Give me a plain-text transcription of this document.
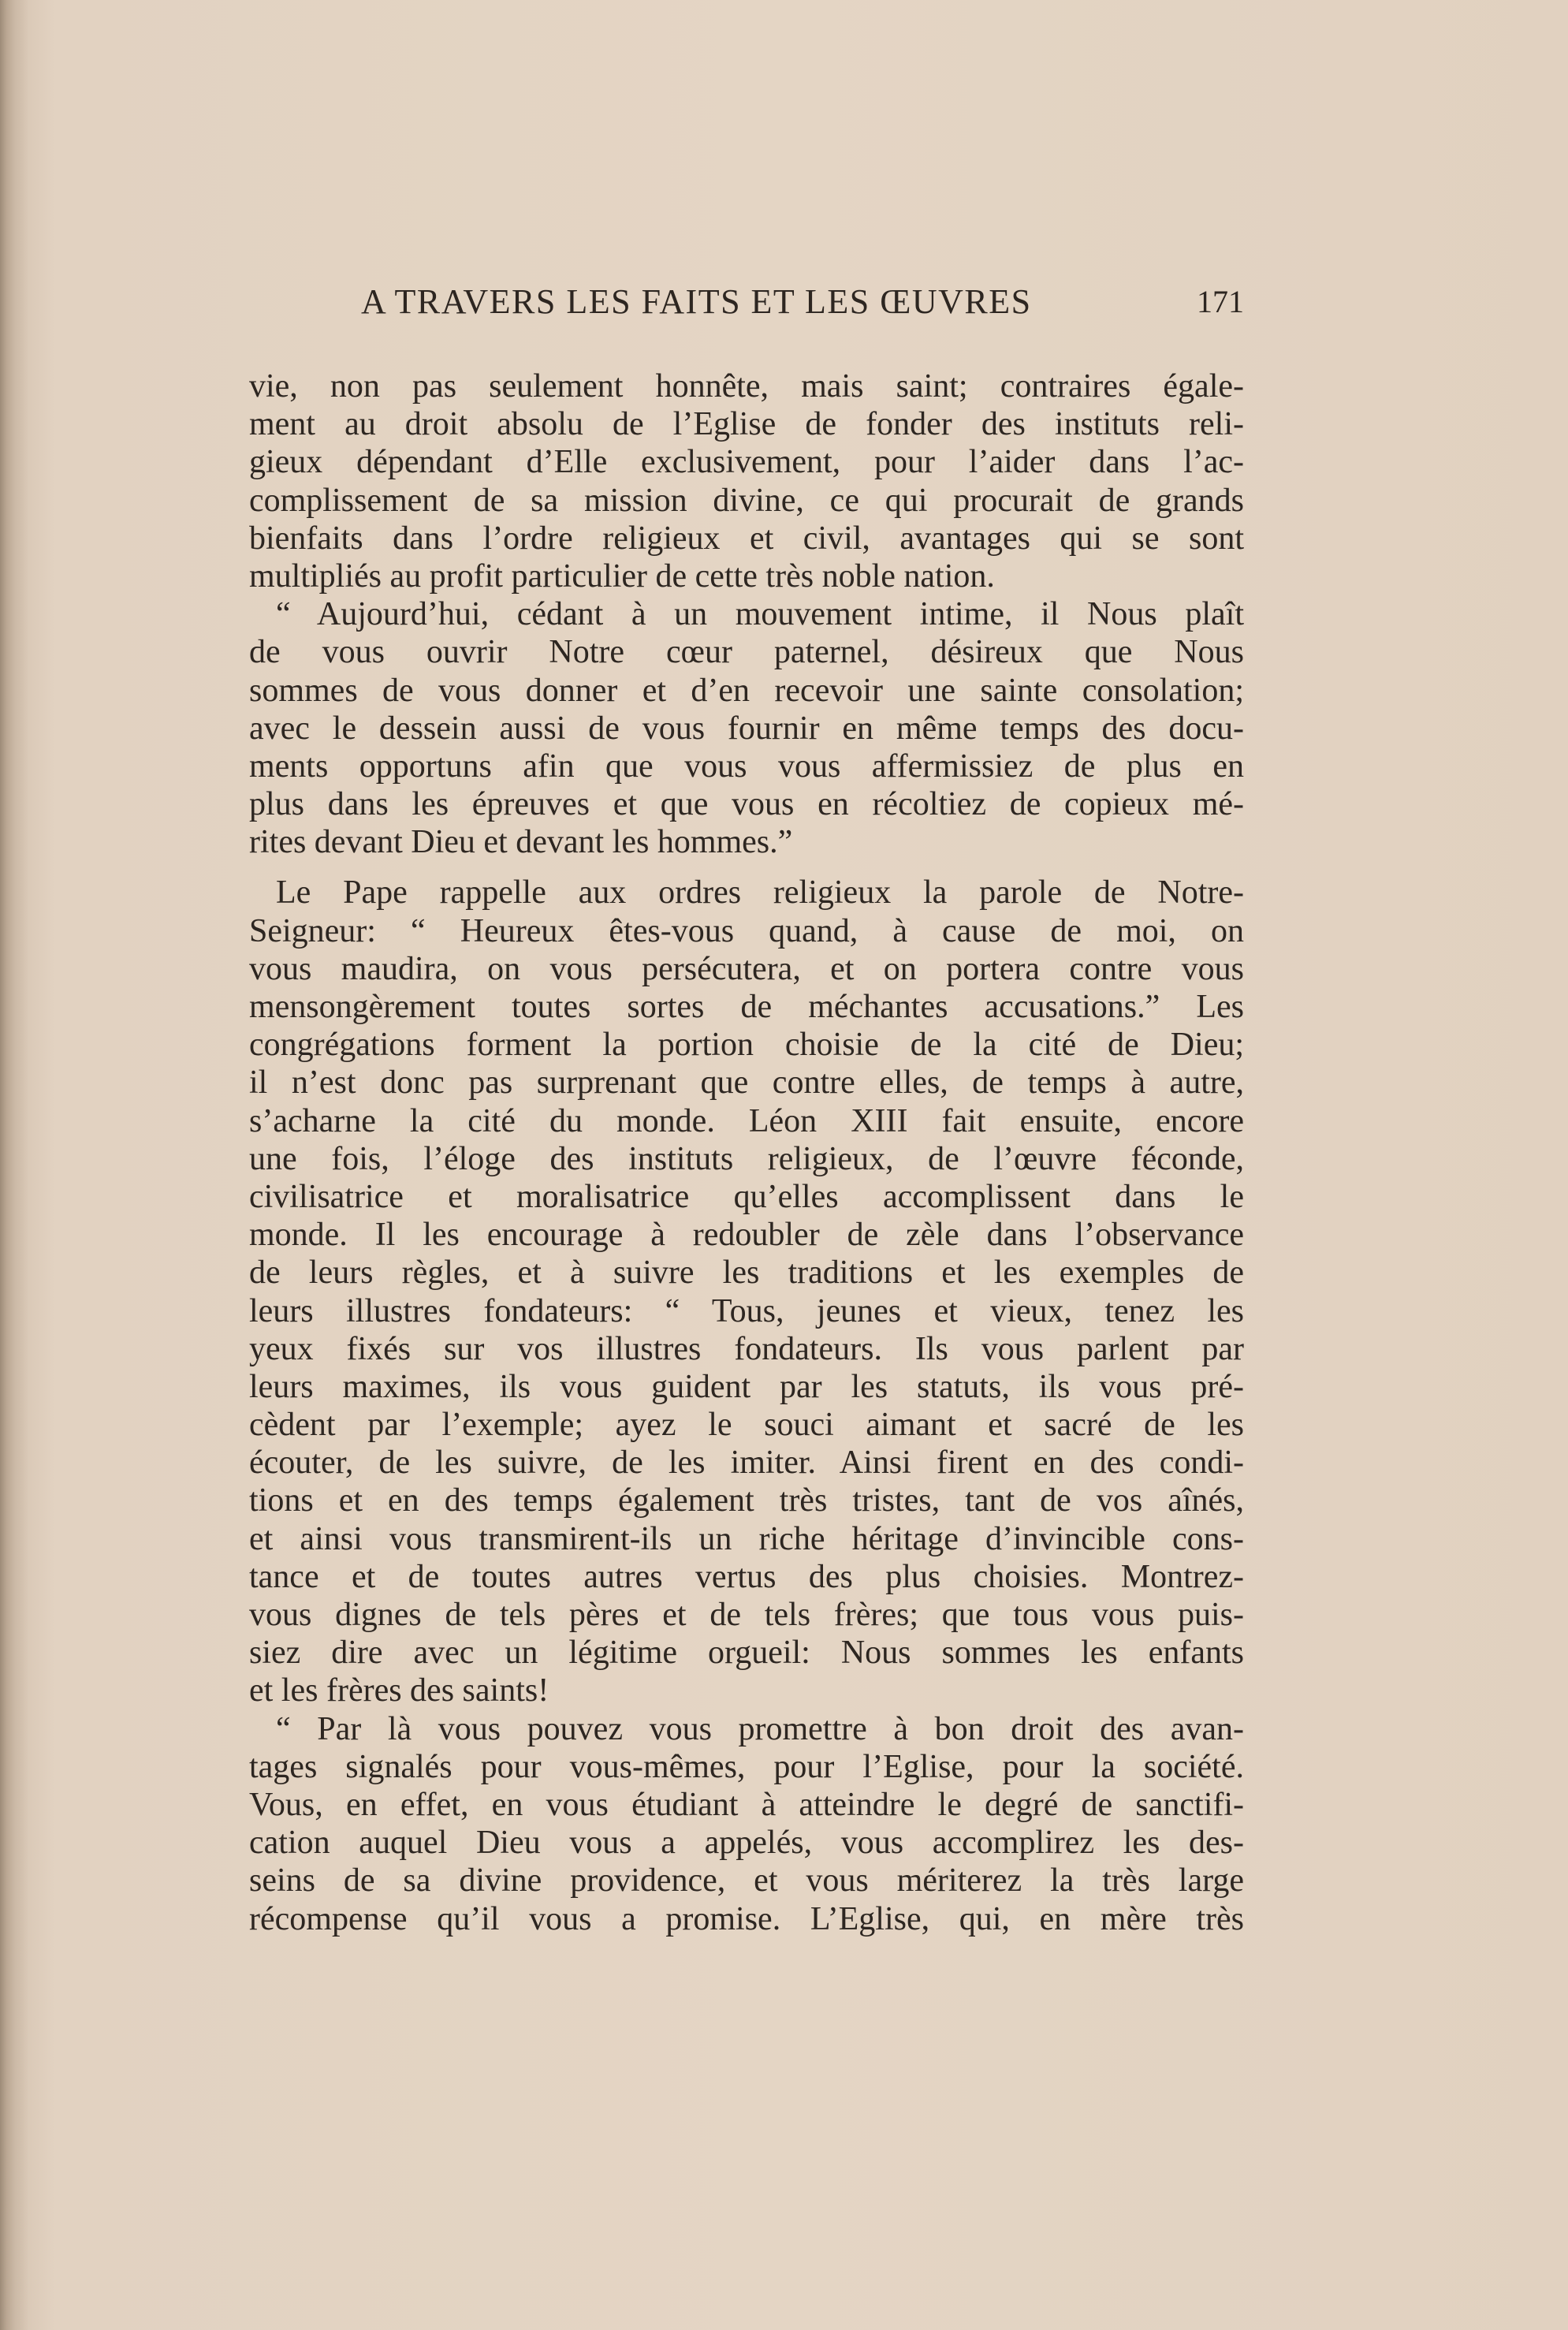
A TRAVERS LES FAITS ET LES ŒUVRES	171
vie, non pas seulement honnête, mais saint; contraires égale-
ment au droit absolu de l’Eglise de fonder des instituts reli-
gieux dépendant d’Elle exclusivement, pour l’aider dans l’ac-
complissement de sa mission divine, ce qui procurait de grands
bienfaits dans l’ordre religieux et civil, avantages qui se sont
multipliés au profit particulier de cette très noble nation.
“ Aujourd’hui, cédant à un mouvement intime, il Nous plaît
de vous ouvrir Notre cœur paternel, désireux que Nous
sommes de vous donner et d’en recevoir une sainte consolation;
avec le dessein aussi de vous fournir en même temps des docu-
ments opportuns afin que vous vous affermissiez de plus en
plus dans les épreuves et que vous en récoltiez de copieux mé-
rites devant Dieu et devant les hommes.”
Le Pape rappelle aux ordres religieux la parole de Notre-
Seigneur: “ Heureux êtes-vous quand, à cause de moi, on
vous maudira, on vous persécutera, et on portera contre vous
mensongèrement toutes sortes de méchantes accusations.” Les
congrégations forment la portion choisie de la cité de Dieu;
il n’est donc pas surprenant que contre elles, de temps à autre,
s’acharne la cité du monde. Léon XIII fait ensuite, encore
une fois, l’éloge des instituts religieux, de l’œuvre féconde,
civilisatrice et moralisatrice qu’elles accomplissent dans le
monde. Il les encourage à redoubler de zèle dans l’observance
de leurs règles, et à suivre les traditions et les exemples de
leurs illustres fondateurs: “ Tous, jeunes et vieux, tenez les
yeux fixés sur vos illustres fondateurs. Ils vous parlent par
leurs maximes, ils vous guident par les statuts, ils vous pré-
cèdent par l’exemple; ayez le souci aimant et sacré de les
écouter, de les suivre, de les imiter. Ainsi firent en des condi-
tions et en des temps également très tristes, tant de vos aînés,
et ainsi vous transmirent-ils un riche héritage d’invincible cons-
tance et de toutes autres vertus des plus choisies. Montrez-
vous dignes de tels pères et de tels frères; que tous vous puis-
siez dire avec un légitime orgueil: Nous sommes les enfants
et les frères des saints!
“ Par là vous pouvez vous promettre à bon droit des avan-
tages signalés pour vous-mêmes, pour l’Eglise, pour la société.
Vous, en effet, en vous étudiant à atteindre le degré de sanctifi-
cation auquel Dieu vous a appelés, vous accomplirez les des-
seins de sa divine providence, et vous mériterez la très large
récompense qu’il vous a promise. L’Eglise, qui, en mère très
